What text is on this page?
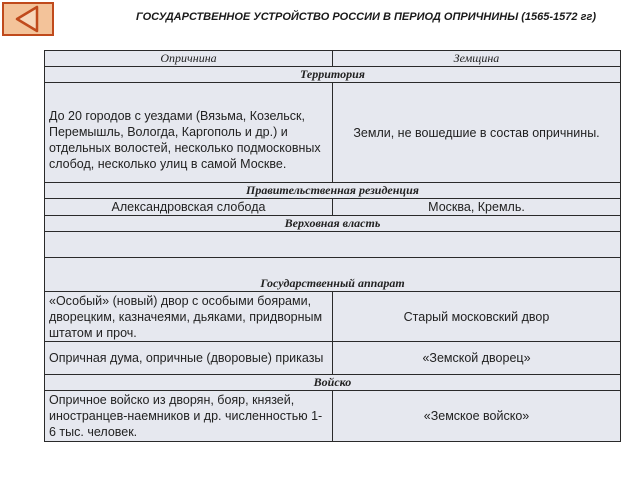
ГОСУДАРСТВЕННОЕ УСТРОЙСТВО РОССИИ В ПЕРИОД ОПРИЧНИНЫ (1565-1572 гг)
Опричнина	Земщина
Территория	
До 20 городов с уездами (Вязьма, Козельск, Перемышль, Вологда, Каргополь и др.) и отдельных волостей, несколько подмосковных слобод, несколько улиц в самой Москве.	Земли, не вошедшие в состав опричнины.
Правительственная резиденция	
Александровская слобода	Москва, Кремль.
Верховная власть	

Государственный аппарат	
«Особый» (новый) двор с особыми боярами, дворецким, казначеями, дьяками, придворным штатом и проч.	Старый московский двор
Опричная дума, опричные (дворовые) приказы	«Земской дворец»
Войско	
Опричное войско из дворян, бояр, князей, иностранцев-наемников и др. численностью 1-6 тыс. человек.	«Земское войско»
